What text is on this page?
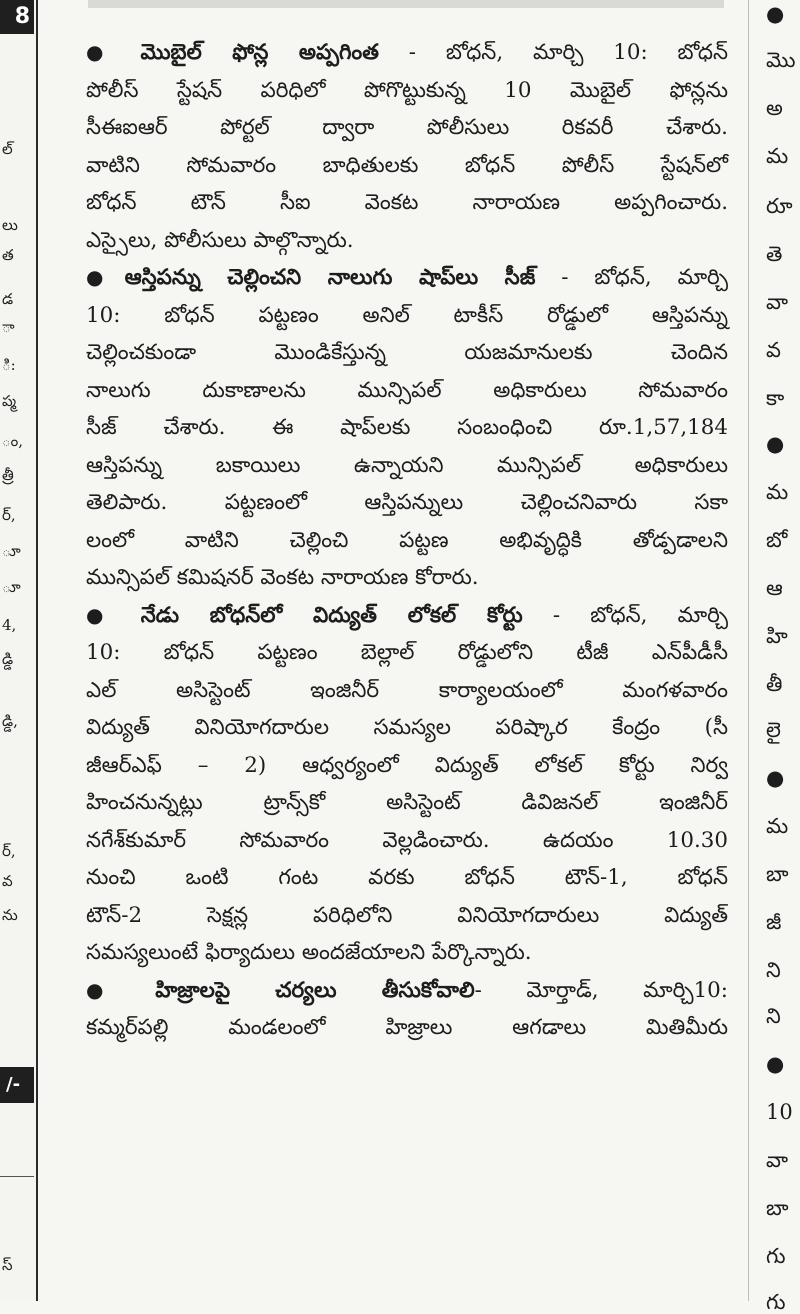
8
ల్
లు
త
డ
ా
ి:
ప్మ
ం,
త్రీ
ర్,
ూ
ూ
4,
డ్డి
డ్డి,
ర్,
వ
ను
/-
స్

● మొబైల్ ఫోన్ల అప్పగింత - బోధన్, మార్చి 10: బోధన్
పోలీస్ స్టేషన్ పరిధిలో పోగొట్టుకున్న 10 మొబైల్ ఫోన్లను
సీఈఐఆర్ పోర్టల్ ద్వారా పోలీసులు రికవరీ చేశారు.
వాటిని సోమవారం బాధితులకు బోధన్ పోలీస్ స్టేషన్‌లో
బోధన్ టౌన్ సీఐ వెంకట నారాయణ అప్పగించారు.
ఎస్సైలు, పోలీసులు పాల్గొన్నారు.

●ఆస్తిపన్ను చెల్లించని నాలుగు షాప్‌లు సీజ్ - బోధన్, మార్చి
10: బోధన్ పట్టణం అనిల్ టాకీస్ రోడ్డులో ఆస్తిపన్ను
చెల్లించకుండా మొండికేస్తున్న యజమానులకు చెందిన
నాలుగు దుకాణాలను మున్సిపల్ అధికారులు సోమవారం
సీజ్ చేశారు. ఈ షాప్‌లకు సంబంధించి రూ.1,57,184
ఆస్తిపన్ను బకాయిలు ఉన్నాయని మున్సిపల్ అధికారులు
తెలిపారు. పట్టణంలో ఆస్తిపన్నులు చెల్లించనివారు సకా
లంలో వాటిని చెల్లించి పట్టణ అభివృద్ధికి తోడ్పడాలని
మున్సిపల్ కమిషనర్ వెంకట నారాయణ కోరారు.

● నేడు బోధన్‌లో విద్యుత్ లోకల్ కోర్టు - బోధన్, మార్చి
10: బోధన్ పట్టణం బెల్లాల్ రోడ్డులోని టీజీ ఎన్‌పీడీసీ
ఎల్ అసిస్టెంట్ ఇంజినీర్ కార్యాలయంలో మంగళవారం
విద్యుత్ వినియోగదారుల సమస్యల పరిష్కార కేంద్రం (సీ
జీఆర్ఎఫ్ – 2) ఆధ్వర్యంలో విద్యుత్ లోకల్ కోర్టు నిర్వ
హించనున్నట్లు ట్రాన్స్‌కో అసిస్టెంట్ డివిజనల్ ఇంజినీర్
నగేశ్‌కుమార్ సోమవారం వెల్లడించారు. ఉదయం 10.30
నుంచి ఒంటి గంట వరకు బోధన్ టౌన్-1, బోధన్
టౌన్-2 సెక్షన్ల పరిధిలోని వినియోగదారులు విద్యుత్
సమస్యలుంటే ఫిర్యాదులు అందజేయాలని పేర్కొన్నారు.

● హిజ్రాలపై చర్యలు తీసుకోవాలి- మోర్తాడ్, మార్చి10:
కమ్మర్‌పల్లి మండలంలో హిజ్రాలు ఆగడాలు మితిమీరు

●
మొ
అ
మ
రూ
తె
వా
వ
కా
●
మ
బో
ఆ
హి
తీ
లై
●
మ
బా
జీ
ని
ని
●
10
వా
బా
గు
గు
